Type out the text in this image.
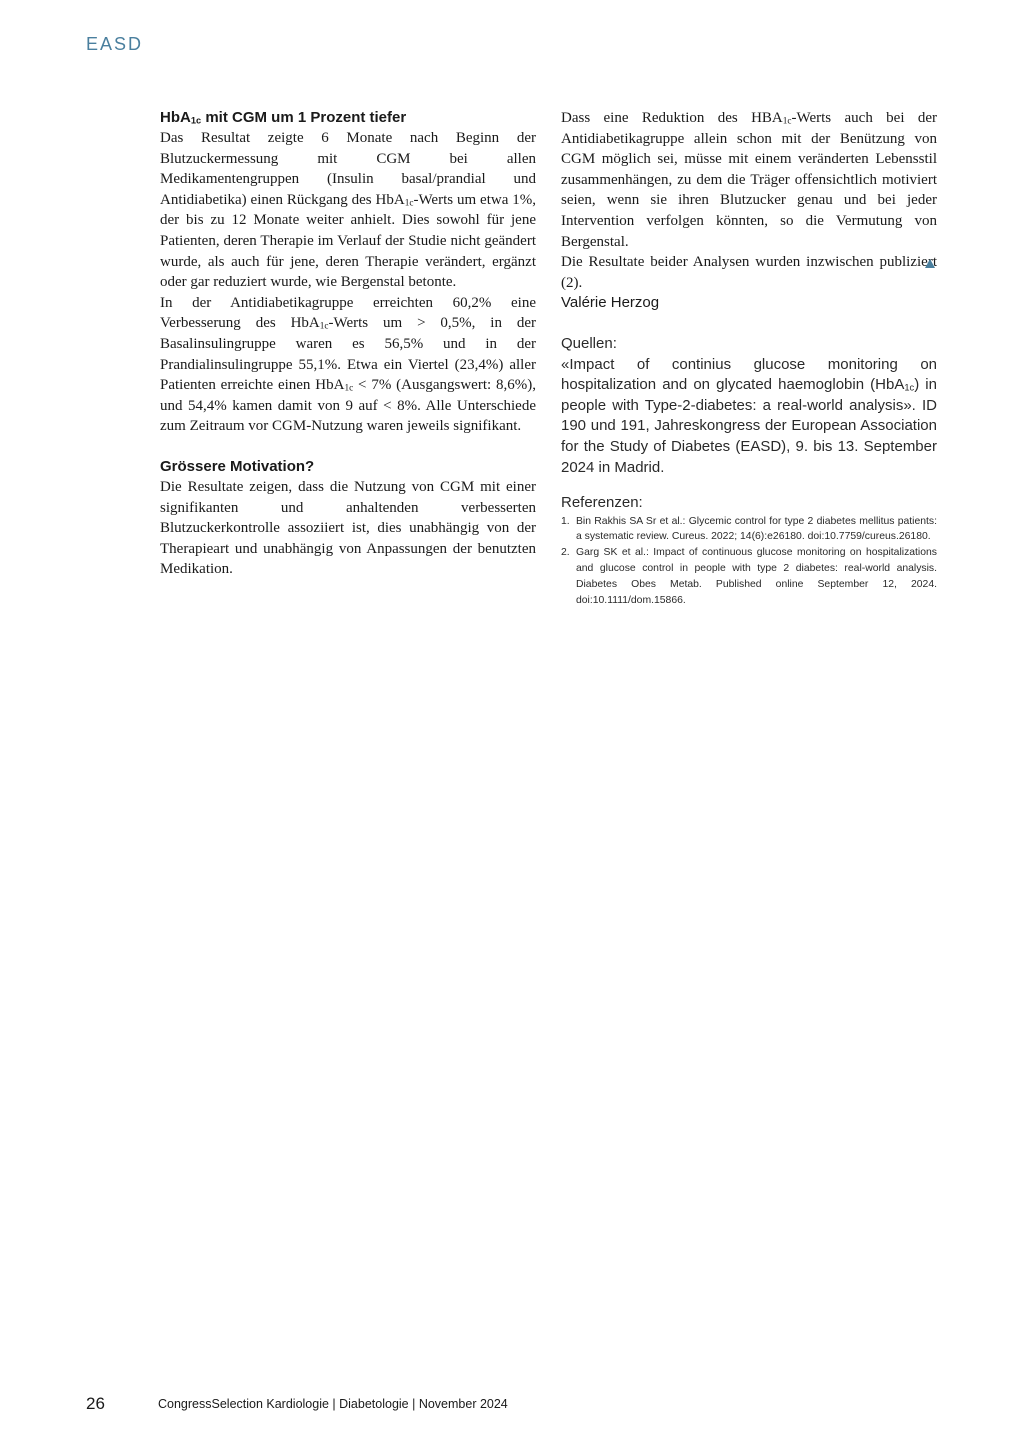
EASD
HbA$_{1c}$ mit CGM um 1 Prozent tiefer

Das Resultat zeigte 6 Monate nach Beginn der Blutzuckermessung mit CGM bei allen Medikamentengruppen (Insulin basal/prandial und Antidiabetika) einen Rückgang des HbA$_{1c}$-Werts um etwa 1%, der bis zu 12 Monate weiter anhielt. Dies sowohl für jene Patienten, deren Therapie im Verlauf der Studie nicht geändert wurde, als auch für jene, deren Therapie verändert, ergänzt oder gar reduziert wurde, wie Bergenstal betonte.

In der Antidiabetikagruppe erreichten 60,2% eine Verbesserung des HbA$_{1c}$-Werts um > 0,5%, in der Basalinsulingruppe waren es 56,5% und in der Prandialinsulingruppe 55,1%. Etwa ein Viertel (23,4%) aller Patienten erreichte einen HbA$_{1c}$ < 7% (Ausgangswert: 8,6%), und 54,4% kamen damit von 9 auf < 8%. Alle Unterschiede zum Zeitraum vor CGM-Nutzung waren jeweils signifikant.

Grössere Motivation?

Die Resultate zeigen, dass die Nutzung von CGM mit einer signifikanten und anhaltenden verbesserten Blutzuckerkontrolle assoziiert ist, dies unabhängig von der Therapieart und unabhängig von Anpassungen der benutzten Medikation.

Dass eine Reduktion des $HBA_{1c}$-Werts auch bei der Antidiabetikagruppe allein schon mit der Benützung von CGM möglich sei, müsse mit einem veränderten Lebensstil zusammenhängen, zu dem die Träger offensichtlich motiviert seien, wenn sie ihren Blutzucker genau und bei jeder Intervention verfolgen könnten, so die Vermutung von Bergenstal.

Die Resultate beider Analysen wurden inzwischen publiziert (2).

Valérie Herzog

Quellen:

«Impact of continius glucose monitoring on hospitalization and on glycated haemoglobin (HbA$_{1c}$) in people with Type-2-diabetes: a real-world analysis». ID 190 und 191, Jahreskongress der European Association for the Study of Diabetes (EASD), 9. bis 13. September 2024 in Madrid.

Referenzen:

1. Bin Rakhis SA Sr et al.: Glycemic control for type 2 diabetes mellitus patients: a systematic review. Cureus. 2022; 14(6):e26180. doi:10.7759/cureus.26180.
2. Garg SK et al.: Impact of continuous glucose monitoring on hospitalizations and glucose control in people with type 2 diabetes: real-world analysis. Diabetes Obes Metab. Published online September 12, 2024. doi:10.1111/dom.15866.
26	CongressSelection Kardiologie | Diabetologie | November 2024
